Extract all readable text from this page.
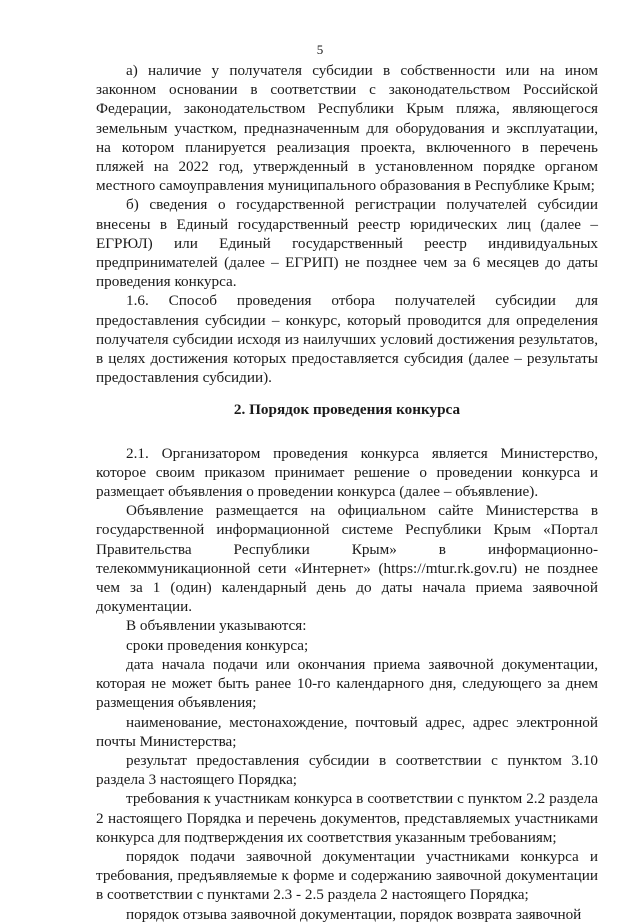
5

а) наличие у получателя субсидии в собственности или на ином законном основании в соответствии с законодательством Российской Федерации, законодательством Республики Крым пляжа, являющегося земельным участком, предназначенным для оборудования и эксплуатации, на котором планируется реализация проекта, включенного в перечень пляжей на 2022 год, утвержденный в установленном порядке органом местного самоуправления муниципального образования в Республике Крым;

б) сведения о государственной регистрации получателей субсидии внесены в Единый государственный реестр юридических лиц (далее – ЕГРЮЛ) или Единый государственный реестр индивидуальных предпринимателей (далее – ЕГРИП) не позднее чем за 6 месяцев до даты проведения конкурса.

1.6. Способ проведения отбора получателей субсидии для предоставления субсидии – конкурс, который проводится для определения получателя субсидии исходя из наилучших условий достижения результатов, в целях достижения которых предоставляется субсидия (далее – результаты предоставления субсидии).

2. Порядок проведения конкурса

2.1. Организатором проведения конкурса является Министерство, которое своим приказом принимает решение о проведении конкурса и размещает объявления о проведении конкурса (далее – объявление).

Объявление размещается на официальном сайте Министерства в государственной информационной системе Республики Крым «Портал Правительства Республики Крым» в информационно-телекоммуникационной сети «Интернет» (https://mtur.rk.gov.ru) не позднее чем за 1 (один) календарный день до даты начала приема заявочной документации.

В объявлении указываются:

сроки проведения конкурса;

дата начала подачи или окончания приема заявочной документации, которая не может быть ранее 10-го календарного дня, следующего за днем размещения объявления;

наименование, местонахождение, почтовый адрес, адрес электронной почты Министерства;

результат предоставления субсидии в соответствии с пунктом 3.10 раздела 3 настоящего Порядка;

требования к участникам конкурса в соответствии с пунктом 2.2 раздела 2 настоящего Порядка и перечень документов, представляемых участниками конкурса для подтверждения их соответствия указанным требованиям;

порядок подачи заявочной документации участниками конкурса и требования, предъявляемые к форме и содержанию заявочной документации в соответствии с пунктами 2.3 - 2.5 раздела 2 настоящего Порядка;

порядок отзыва заявочной документации, порядок возврата заявочной
